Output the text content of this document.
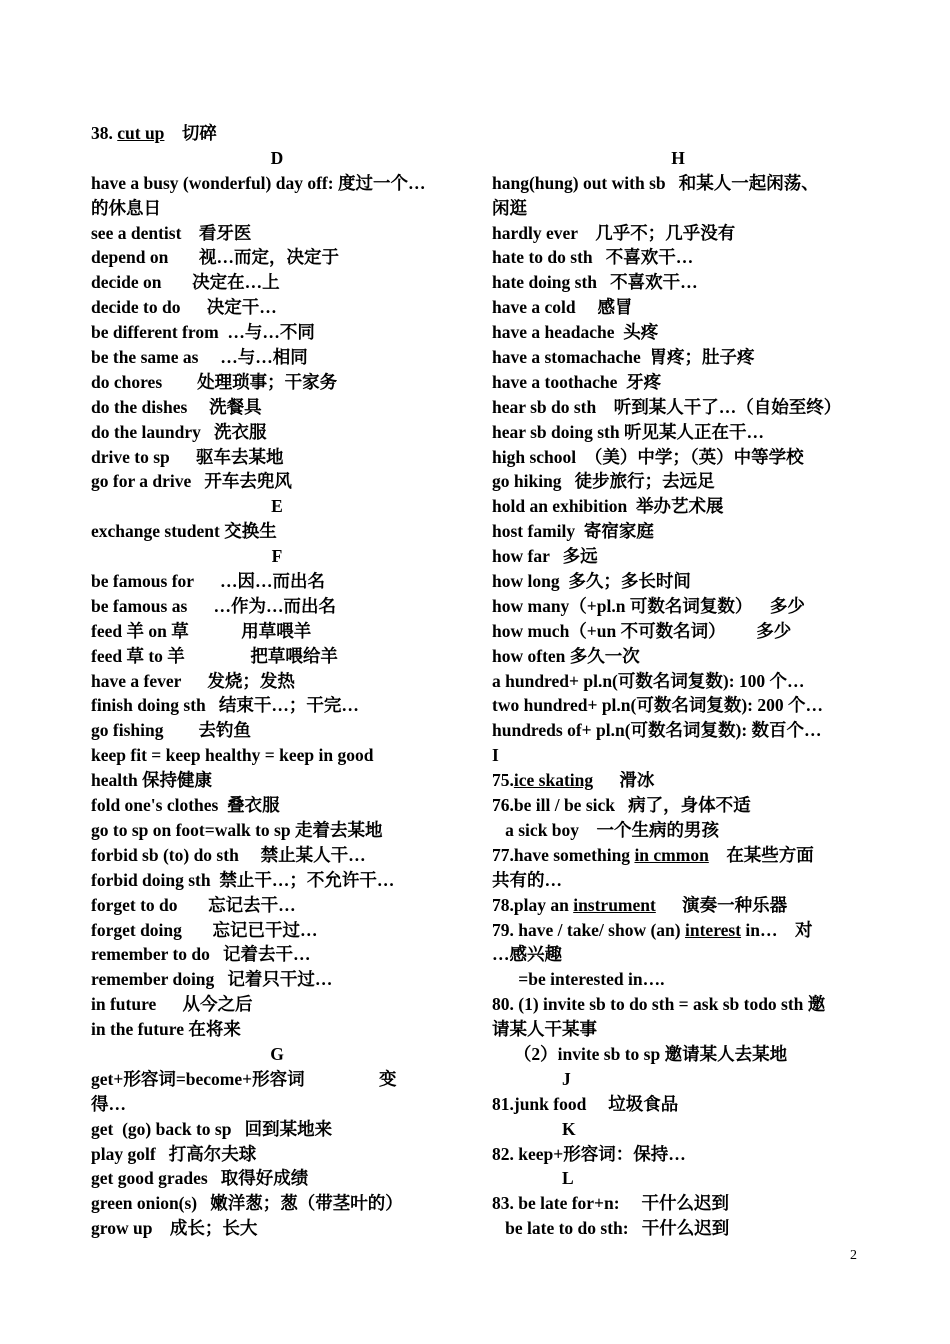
38. cut up    切碎
D
have a busy (wonderful) day off: 度过一个…
的休息日
see a dentist    看牙医
depend on       视…而定，决定于
decide on       决定在…上
decide to do      决定干…
be different from  …与…不同
be the same as     …与…相同
do chores        处理琐事；干家务
do the dishes     洗餐具
do the laundry   洗衣服
drive to sp      驱车去某地
go for a drive   开车去兜风
E
exchange student 交换生
F
be famous for      …因…而出名
be famous as      …作为…而出名
feed 羊 on 草            用草喂羊
feed 草 to 羊               把草喂给羊
have a fever      发烧；发热
finish doing sth   结束干…；干完…
go fishing        去钓鱼
keep fit = keep healthy = keep in good
health 保持健康
fold one's clothes  叠衣服
go to sp on foot=walk to sp 走着去某地
forbid sb (to) do sth     禁止某人干…
forbid doing sth  禁止干…；不允许干…
forget to do       忘记去干…
forget doing       忘记已干过…
remember to do   记着去干…
remember doing   记着只干过…
in future      从今之后
in the future 在将来
G
get+形容词=become+形容词                 变
得…
get  (go) back to sp   回到某地来
play golf   打高尔夫球
get good grades   取得好成绩
green onion(s)   嫩洋葱；葱（带茎叶的）
grow up    成长；长大
H
hang(hung) out with sb   和某人一起闲荡、
闲逛
hardly ever    几乎不；几乎没有
hate to do sth   不喜欢干…
hate doing sth   不喜欢干…
have a cold     感冒
have a headache  头疼
have a stomachache  胃疼；肚子疼
have a toothache  牙疼
hear sb do sth    听到某人干了…（自始至终）
hear sb doing sth 听见某人正在干…
high school  （美）中学；（英）中等学校
go hiking   徒步旅行；去远足
hold an exhibition  举办艺术展
host family  寄宿家庭
how far   多远
how long  多久；多长时间
how many（+pl.n 可数名词复数）    多少
how much（+un 不可数名词）       多少
how often 多久一次
a hundred+ pl.n(可数名词复数): 100 个…
two hundred+ pl.n(可数名词复数): 200 个…
hundreds of+ pl.n(可数名词复数): 数百个…
I
75.ice skating      滑冰
76.be ill / be sick   病了，身体不适
a sick boy    一个生病的男孩
77.have something in cmmon    在某些方面
共有的…
78.play an instrument      演奏一种乐器
79. have / take/ show (an) interest in…    对
…感兴趣
=be interested in….
80. (1) invite sb to do sth = ask sb todo sth 邀
请某人干某事
（2）invite sb to sp 邀请某人去某地
J
81.junk food     垃圾食品
K
82. keep+形容词：保持…
L
83. be late for+n:     干什么迟到
be late to do sth:   干什么迟到
2
